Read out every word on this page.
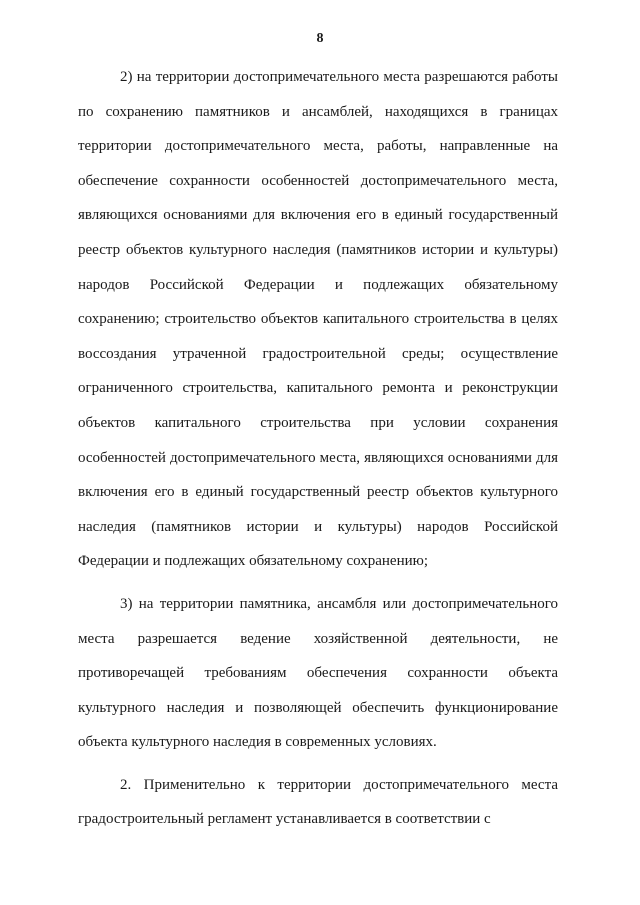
8

2) на территории достопримечательного места разрешаются работы по сохранению памятников и ансамблей, находящихся в границах территории достопримечательного места, работы, направленные на обеспечение сохранности особенностей достопримечательного места, являющихся основаниями для включения его в единый государственный реестр объектов культурного наследия (памятников истории и культуры) народов Российской Федерации и подлежащих обязательному сохранению; строительство объектов капитального строительства в целях воссоздания утраченной градостроительной среды; осуществление ограниченного строительства, капитального ремонта и реконструкции объектов капитального строительства при условии сохранения особенностей достопримечательного места, являющихся основаниями для включения его в единый государственный реестр объектов культурного наследия (памятников истории и культуры) народов Российской Федерации и подлежащих обязательному сохранению;

3) на территории памятника, ансамбля или достопримечательного места разрешается ведение хозяйственной деятельности, не противоречащей требованиям обеспечения сохранности объекта культурного наследия и позволяющей обеспечить функционирование объекта культурного наследия в современных условиях.

2. Применительно к территории достопримечательного места градостроительный регламент устанавливается в соответствии с
